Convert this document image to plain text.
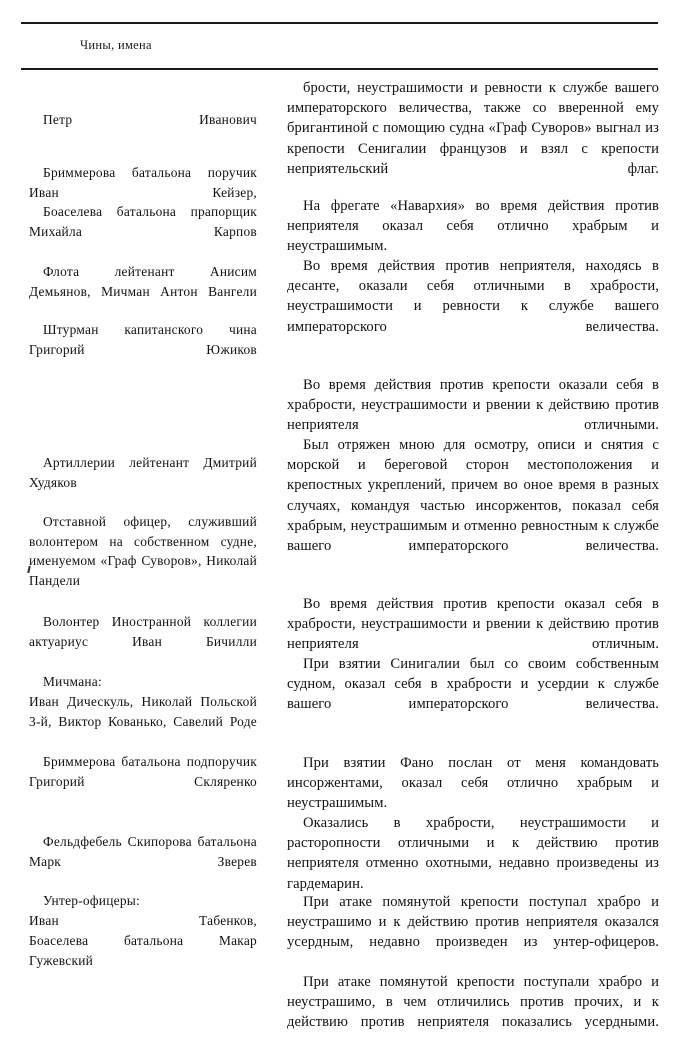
Чины, имена

Петр Иванович

Бриммерова батальона поручик Иван Кейзер,

Боаселева батальона прапорщик Михайла Карпов

Флота лейтенант Анисим Демьянов, Мичман Антон Вангели

Штурман капитанского чина Григорий Южиков

Артиллерии лейтенант Дмитрий Худяков

Отставной офицер, служивший волонтером на собственном судне, именуемом «Граф Суворов», Николай Пандели

Волонтер Иностранной коллегии актуариус Иван Бичилли

Мичмана:

Иван Дическуль, Николай Польской 3-й, Виктор Кованько, Савелий Роде

Бриммерова батальона подпоручик Григорий Скляренко

Фельдфебель Скипорова батальона Марк Зверев

Унтер-офицеры:

Иван Табенков,

Боаселева батальона Макар Гужевский

брости, неустрашимости и ревности к службе вашего императорского величества, также со вверенной ему бригантиной с помощию судна «Граф Суворов» выгнал из крепости Сенигалии французов и взял с крепости неприятельский флаг.

На фрегате «Навархия» во время действия против неприятеля оказал себя отлично храбрым и неустрашимым.

Во время действия против неприятеля, находясь в десанте, оказали себя отличными в храбрости, неустрашимости и ревности к службе вашего императорского величества.

Во время действия против крепости оказали себя в храбрости, неустрашимости и рвении к действию против неприятеля отличными.

Был отряжен мною для осмотру, описи и снятия с морской и береговой сторон местоположения и крепостных укреплений, причем во оное время в разных случаях, командуя частью инсоржентов, показал себя храбрым, неустрашимым и отменно ревностным к службе вашего императорского величества.

Во время действия против крепости оказал себя в храбрости, неустрашимости и рвении к действию против неприятеля отличным.

При взятии Синигалии был со своим собственным судном, оказал себя в храбрости и усердии к службе вашего императорского величества.

При взятии Фано послан от меня командовать инсоржентами, оказал себя отлично храбрым и неустрашимым.

Оказались в храбрости, неустрашимости и расторопности отличными и к действию против неприятеля отменно охотными, недавно произведены из гардемарин.

При атаке помянутой крепости поступал храбро и неустрашимо и к действию против неприятеля оказался усердным, недавно произведен из унтер-офицеров.

При атаке помянутой крепости поступали храбро и неустрашимо, в чем отличились против прочих, и к действию против неприятеля показались усердными.
